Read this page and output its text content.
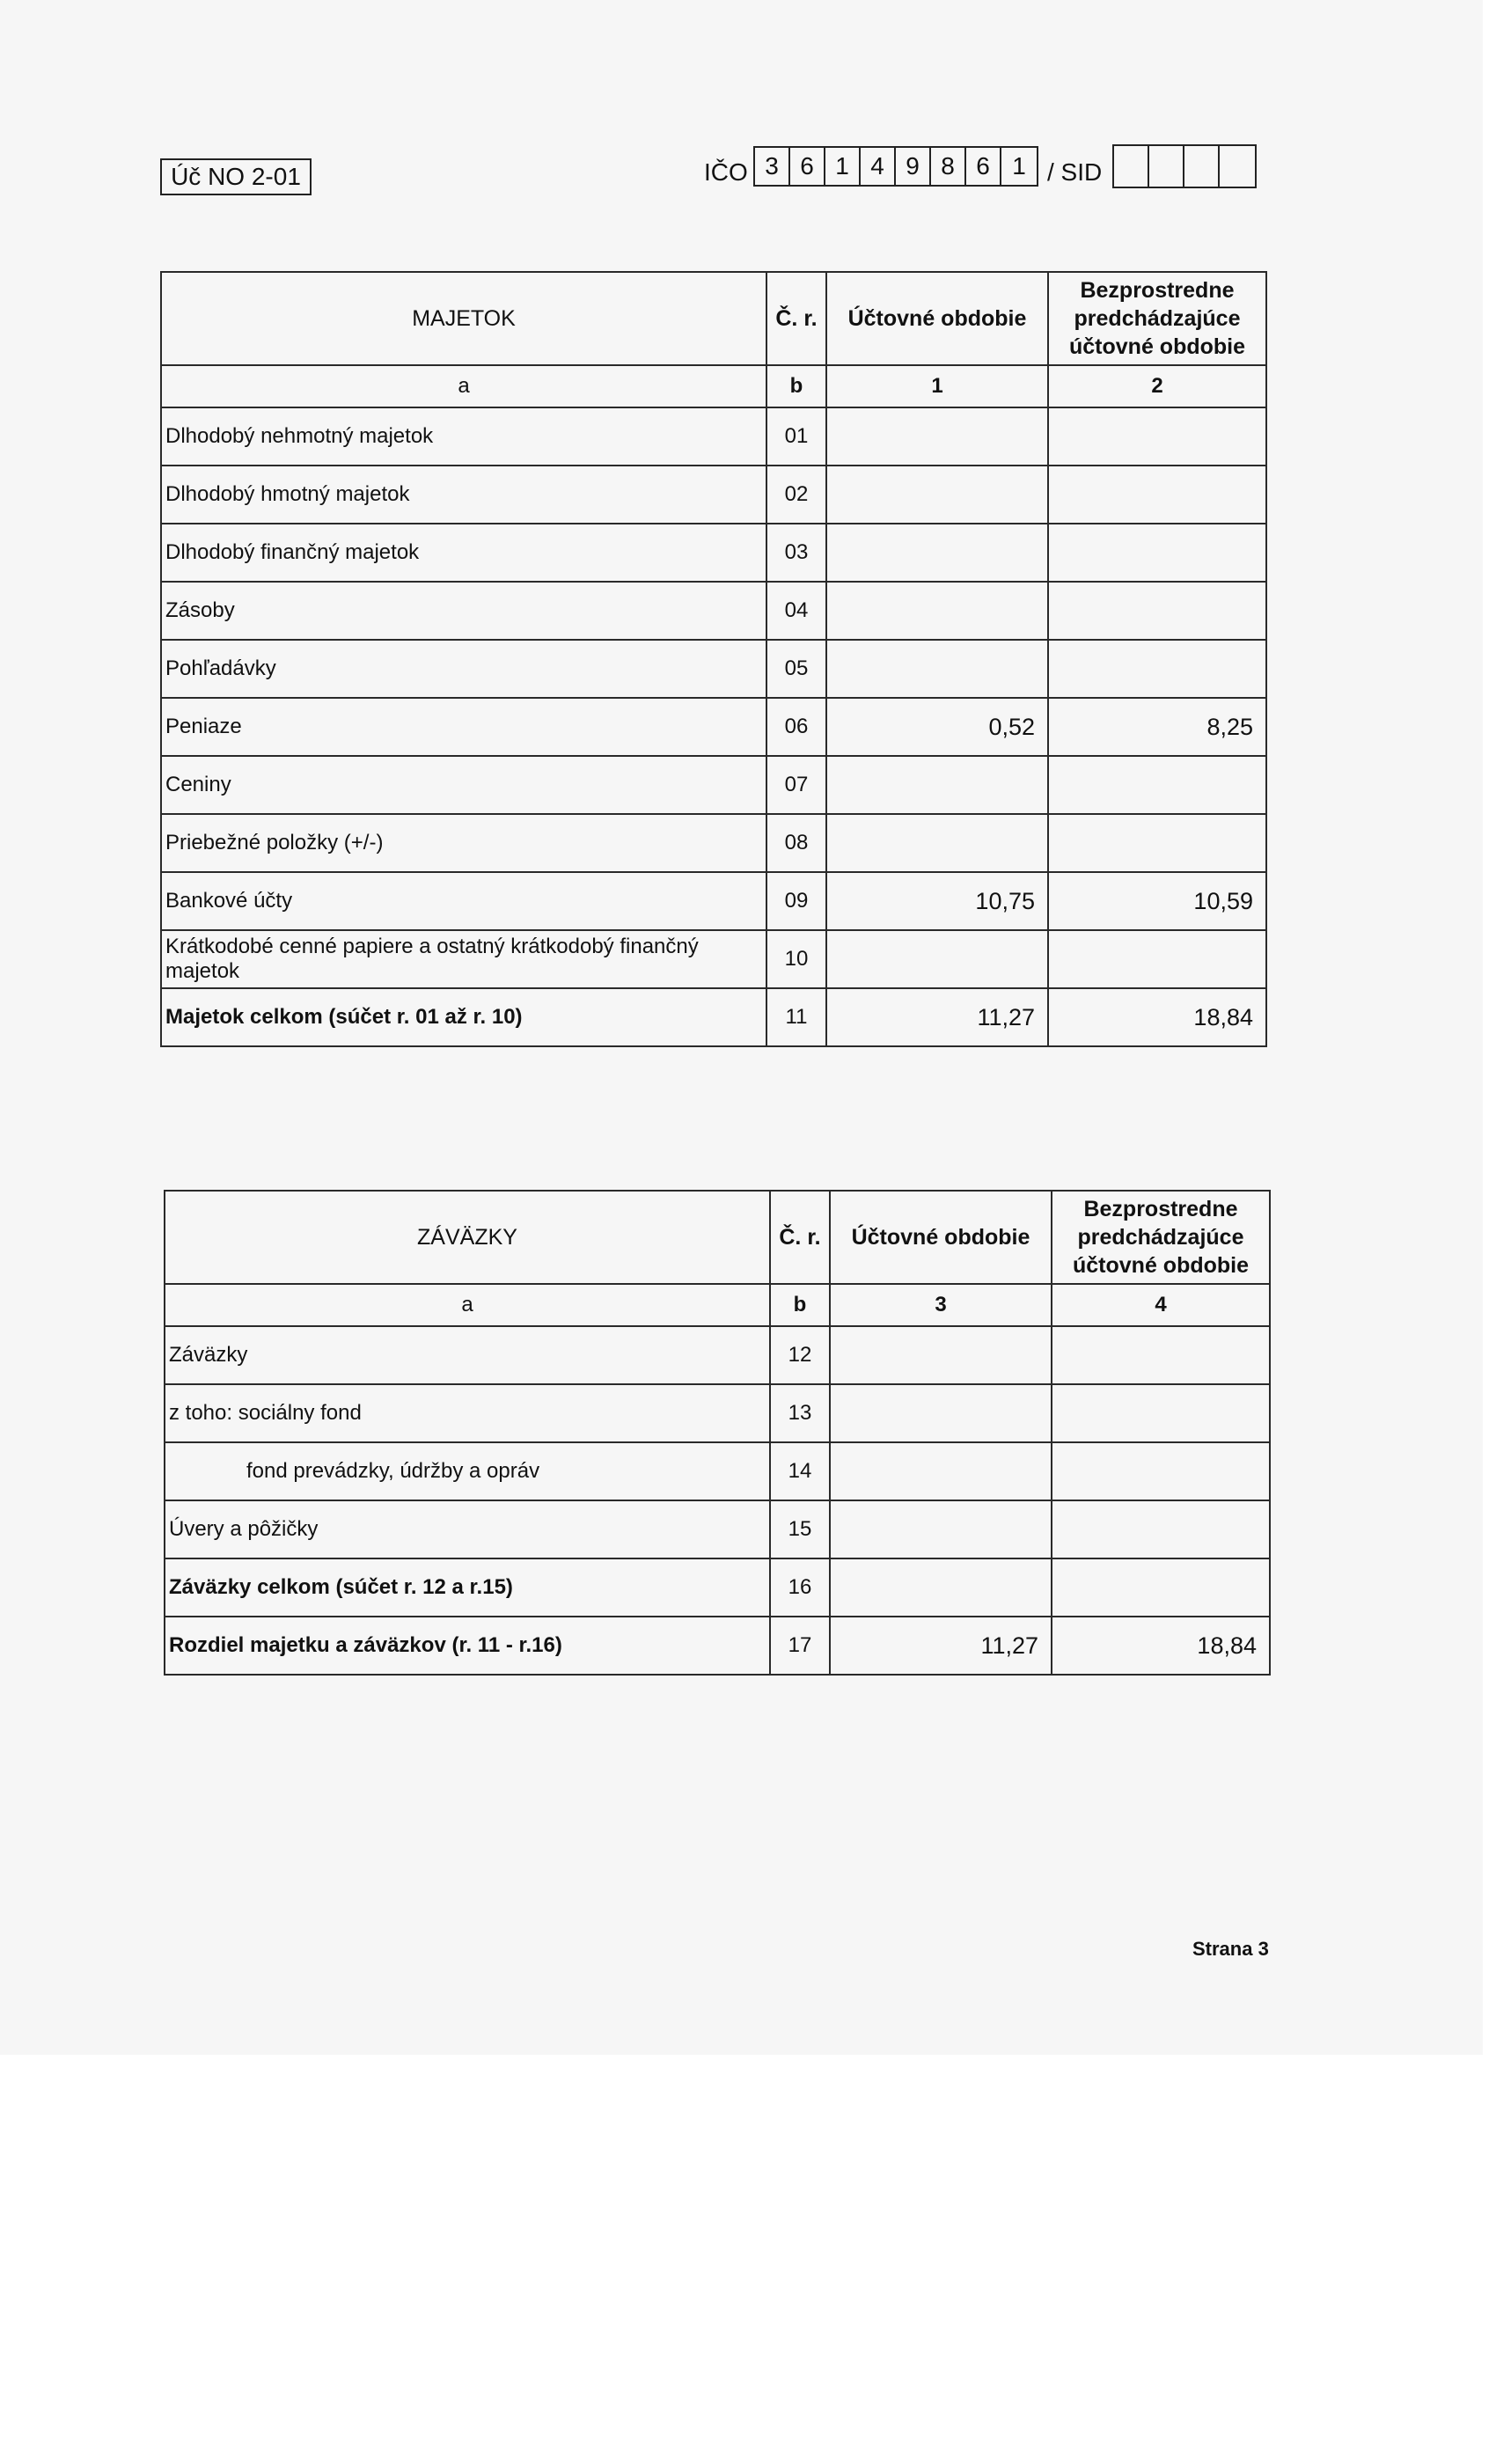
Úč NO 2-01	IČO 3 6 1 4 9 8 6 1 / SID
MAJETOK	Č. r.	Účtovné obdobie	Bezprostredne predchádzajúce účtovné obdobie
a	b	1	2
Dlhodobý nehmotný majetok	01		
Dlhodobý hmotný majetok	02		
Dlhodobý finančný majetok	03		
Zásoby	04		
Pohľadávky	05		
Peniaze	06	0,52	8,25
Ceniny	07		
Priebežné položky (+/-)	08		
Bankové účty	09	10,75	10,59
Krátkodobé cenné papiere a ostatný krátkodobý finančný majetok	10		
Majetok celkom (súčet r. 01 až r. 10)	11	11,27	18,84
ZÁVÄZKY	Č. r.	Účtovné obdobie	Bezprostredne predchádzajúce účtovné obdobie
a	b	3	4
Záväzky	12		
z toho: sociálny fond	13		
fond prevádzky, údržby a opráv	14		
Úvery a pôžičky	15		
Záväzky celkom (súčet r. 12 a r.15)	16		
Rozdiel majetku a záväzkov (r. 11 - r.16)	17	11,27	18,84
Strana 3
